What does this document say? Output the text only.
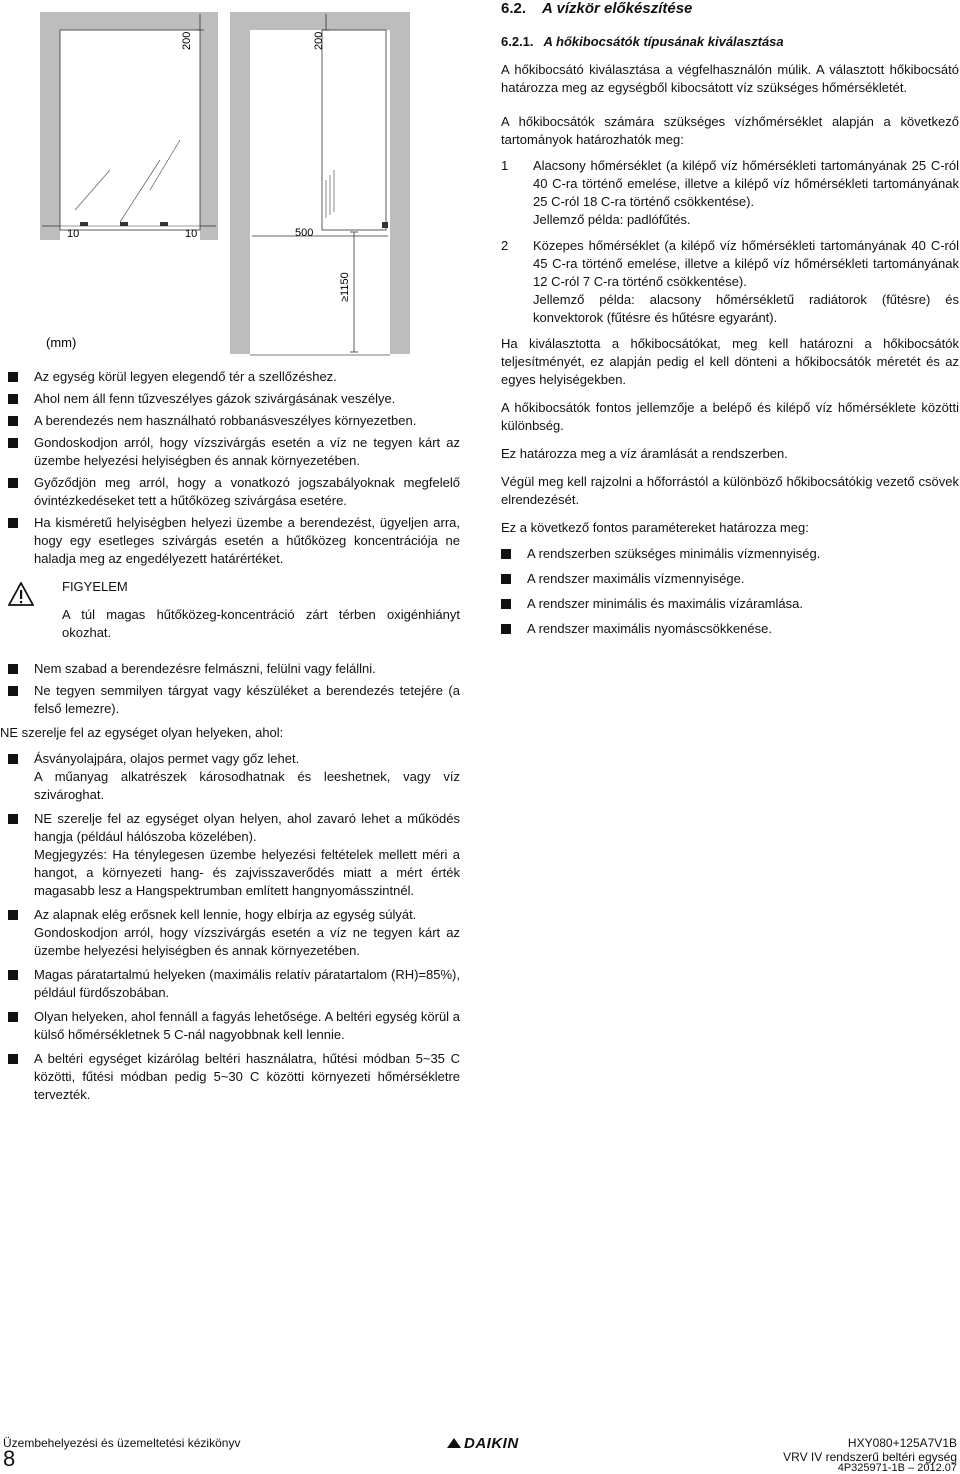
200
10	10
200
500
≥1150
(mm)
Az egység körül legyen elegendő tér a szellőzéshez.
Ahol nem áll fenn tűzveszélyes gázok szivárgásának veszélye.
A berendezés nem használható robbanásveszélyes környezetben.
Gondoskodjon arról, hogy vízszivárgás esetén a víz ne tegyen kárt az üzembe helyezési helyiségben és annak környezetében.
Győződjön meg arról, hogy a vonatkozó jogszabályoknak megfelelő óvintézkedéseket tett a hűtőközeg szivárgása esetére.
Ha kisméretű helyiségben helyezi üzembe a berendezést, ügyeljen arra, hogy egy esetleges szivárgás esetén a hűtőközeg koncentrációja ne haladja meg az engedélyezett határértéket.
FIGYELEM

A túl magas hűtőközeg-koncentráció zárt térben oxigénhiányt okozhat.

Nem szabad a berendezésre felmászni, felülni vagy felállni.
Ne tegyen semmilyen tárgyat vagy készüléket a berendezés tetejére (a felső lemezre).

NE szerelje fel az egységet olyan helyeken, ahol:

Ásványolajpára, olajos permet vagy gőz lehet.
A műanyag alkatrészek károsodhatnak és leeshetnek, vagy víz szivároghat.
NE szerelje fel az egységet olyan helyen, ahol zavaró lehet a működés hangja (például hálószoba közelében).
Megjegyzés: Ha ténylegesen üzembe helyezési feltételek mellett méri a hangot, a környezeti hang- és zajvisszaverődés miatt a mért érték magasabb lesz a Hangspektrumban említett hangnyomásszintnél.
Az alapnak elég erősnek kell lennie, hogy elbírja az egység súlyát.
Gondoskodjon arról, hogy vízszivárgás esetén a víz ne tegyen kárt az üzembe helyezési helyiségben és annak környezetében.
Magas páratartalmú helyeken (maximális relatív páratartalom (RH)=85%), például fürdőszobában.
Olyan helyeken, ahol fennáll a fagyás lehetősége. A beltéri egység körül a külső hőmérsékletnek 5 C-nál nagyobbnak kell lennie.
A beltéri egységet kizárólag beltéri használatra, hűtési módban 5~35 C közötti, fűtési módban pedig 5~30 C közötti környezeti hőmérsékletre tervezték.
6.2. A vízkör előkészítése
6.2.1. A hőkibocsátók típusának kiválasztása

A hőkibocsátó kiválasztása a végfelhasználón múlik. A választott hőkibocsátó határozza meg az egységből kibocsátott víz szükséges hőmérsékletét.

A hőkibocsátók számára szükséges vízhőmérséklet alapján a következő tartományok határozhatók meg:

1 Alacsony hőmérséklet (a kilépő víz hőmérsékleti tartományának 25 C-ról 40 C-ra történő emelése, illetve a kilépő víz hőmérsékleti tartományának 25 C-ról 18 C-ra történő csökkentése).
Jellemző példa: padlófűtés.
2 Közepes hőmérséklet (a kilépő víz hőmérsékleti tartományának 40 C-ról 45 C-ra történő emelése, illetve a kilépő víz hőmérsékleti tartományának 12 C-ról 7 C-ra történő csökkentése).
Jellemző példa: alacsony hőmérsékletű radiátorok (fűtésre) és konvektorok (fűtésre és hűtésre egyaránt).

Ha kiválasztotta a hőkibocsátókat, meg kell határozni a hőkibocsátók teljesítményét, ez alapján pedig el kell dönteni a hőkibocsátók méretét és az egyes helyiségekben.

A hőkibocsátók fontos jellemzője a belépő és kilépő víz hőmérséklete közötti különbség.

Ez határozza meg a víz áramlását a rendszerben.

Végül meg kell rajzolni a hőforrástól a különböző hőkibocsátókig vezető csövek elrendezését.

Ez a következő fontos paramétereket határozza meg:

A rendszerben szükséges minimális vízmennyiség.
A rendszer maximális vízmennyisége.
A rendszer minimális és maximális vízáramlása.
A rendszer maximális nyomáscsökkenése.
Üzembehelyezési és üzemeltetési kézikönyv
8
DAIKIN	HXY080+125A7V1B
VRV IV rendszerű beltéri egység
4P325971-1B – 2012.07
